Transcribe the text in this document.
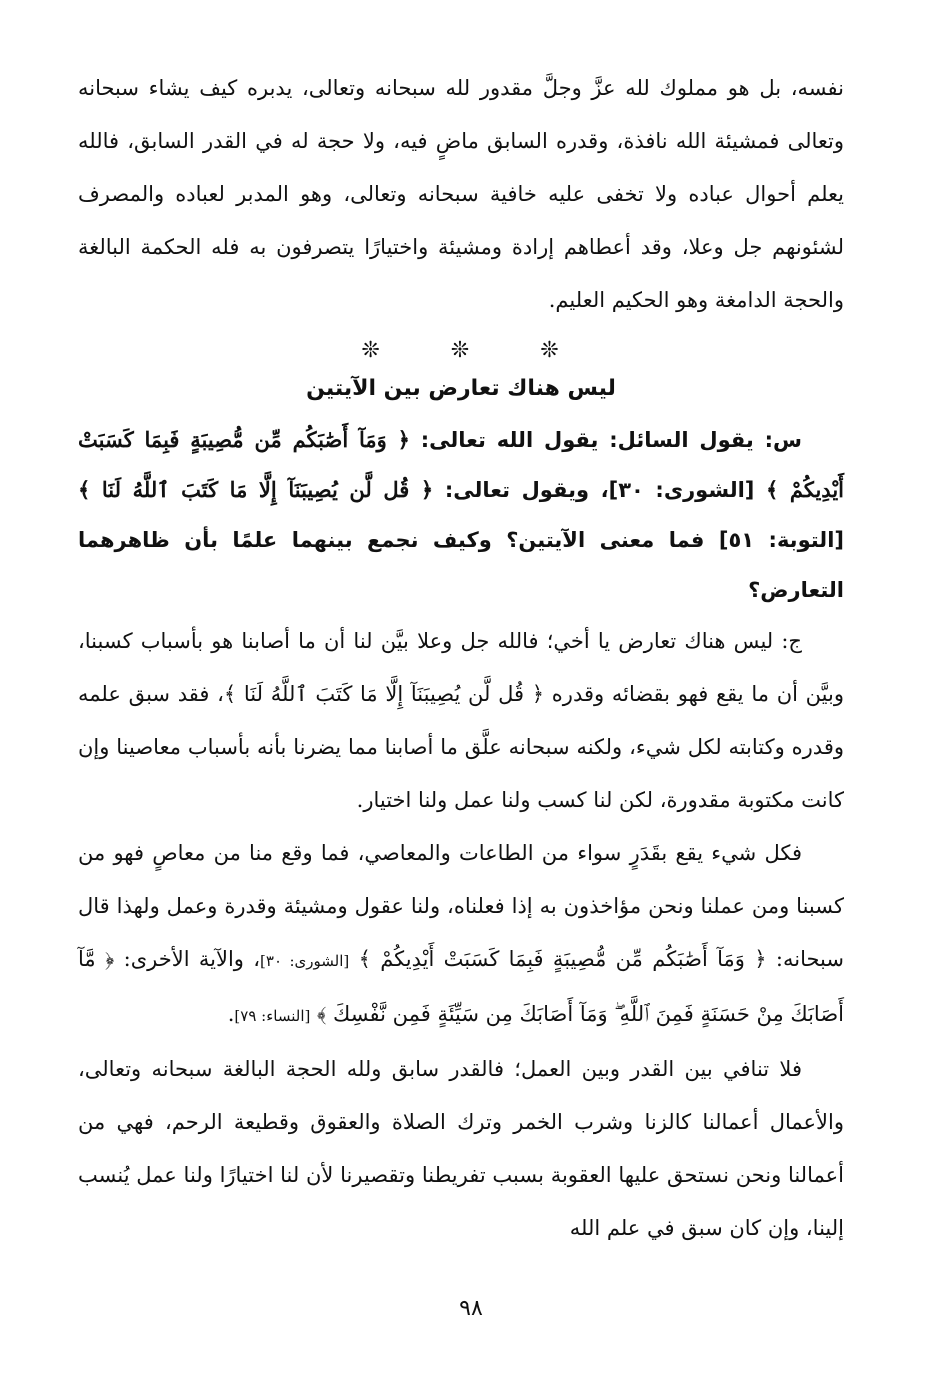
نفسه، بل هو مملوك لله عزَّ وجلَّ مقدور لله سبحانه وتعالى، يدبره كيف يشاء سبحانه وتعالى فمشيئة الله نافذة، وقدره السابق ماضٍ فيه، ولا حجة له في القدر السابق، فالله يعلم أحوال عباده ولا تخفى عليه خافية سبحانه وتعالى، وهو المدبر لعباده والمصرف لشئونهم جل وعلا، وقد أعطاهم إرادة ومشيئة واختيارًا يتصرفون به فله الحكمة البالغة والحجة الدامغة وهو الحكيم العليم.

❊ ❊ ❊
ليس هناك تعارض بين الآيتين

س: يقول السائل: يقول الله تعالى: ﴿ وَمَآ أَصَٰبَكُم مِّن مُّصِيبَةٍ فَبِمَا كَسَبَتْ أَيْدِيكُمْ ﴾ [الشورى: ٣٠]، ويقول تعالى: ﴿ قُل لَّن يُصِيبَنَآ إِلَّا مَا كَتَبَ ٱللَّهُ لَنَا ﴾ [التوبة: ٥١] فما معنى الآيتين؟ وكيف نجمع بينهما علمًا بأن ظاهرهما التعارض؟

ج: ليس هناك تعارض يا أخي؛ فالله جل وعلا بيَّن لنا أن ما أصابنا هو بأسباب كسبنا، وبيَّن أن ما يقع فهو بقضائه وقدره ﴿ قُل لَّن يُصِيبَنَآ إِلَّا مَا كَتَبَ ٱللَّهُ لَنَا ﴾، فقد سبق علمه وقدره وكتابته لكل شيء، ولكنه سبحانه علَّق ما أصابنا مما يضرنا بأنه بأسباب معاصينا وإن كانت مكتوبة مقدورة، لكن لنا كسب ولنا عمل ولنا اختيار.

فكل شيء يقع بقَدَرٍ سواء من الطاعات والمعاصي، فما وقع منا من معاصٍ فهو من كسبنا ومن عملنا ونحن مؤاخذون به إذا فعلناه، ولنا عقول ومشيئة وقدرة وعمل ولهذا قال سبحانه: ﴿ وَمَآ أَصَٰبَكُم مِّن مُّصِيبَةٍ فَبِمَا كَسَبَتْ أَيْدِيكُمْ ﴾ [الشورى: ٣٠]، والآية الأخرى: ﴿ مَّآ أَصَابَكَ مِنْ حَسَنَةٍ فَمِنَ ٱللَّهِ ۖ وَمَآ أَصَابَكَ مِن سَيِّئَةٍ فَمِن نَّفْسِكَ ﴾ [النساء: ٧٩].

فلا تنافي بين القدر وبين العمل؛ فالقدر سابق ولله الحجة البالغة سبحانه وتعالى، والأعمال أعمالنا كالزنا وشرب الخمر وترك الصلاة والعقوق وقطيعة الرحم، فهي من أعمالنا ونحن نستحق عليها العقوبة بسبب تفريطنا وتقصيرنا لأن لنا اختيارًا ولنا عمل يُنسب إلينا، وإن كان سبق في علم الله

٩٨
